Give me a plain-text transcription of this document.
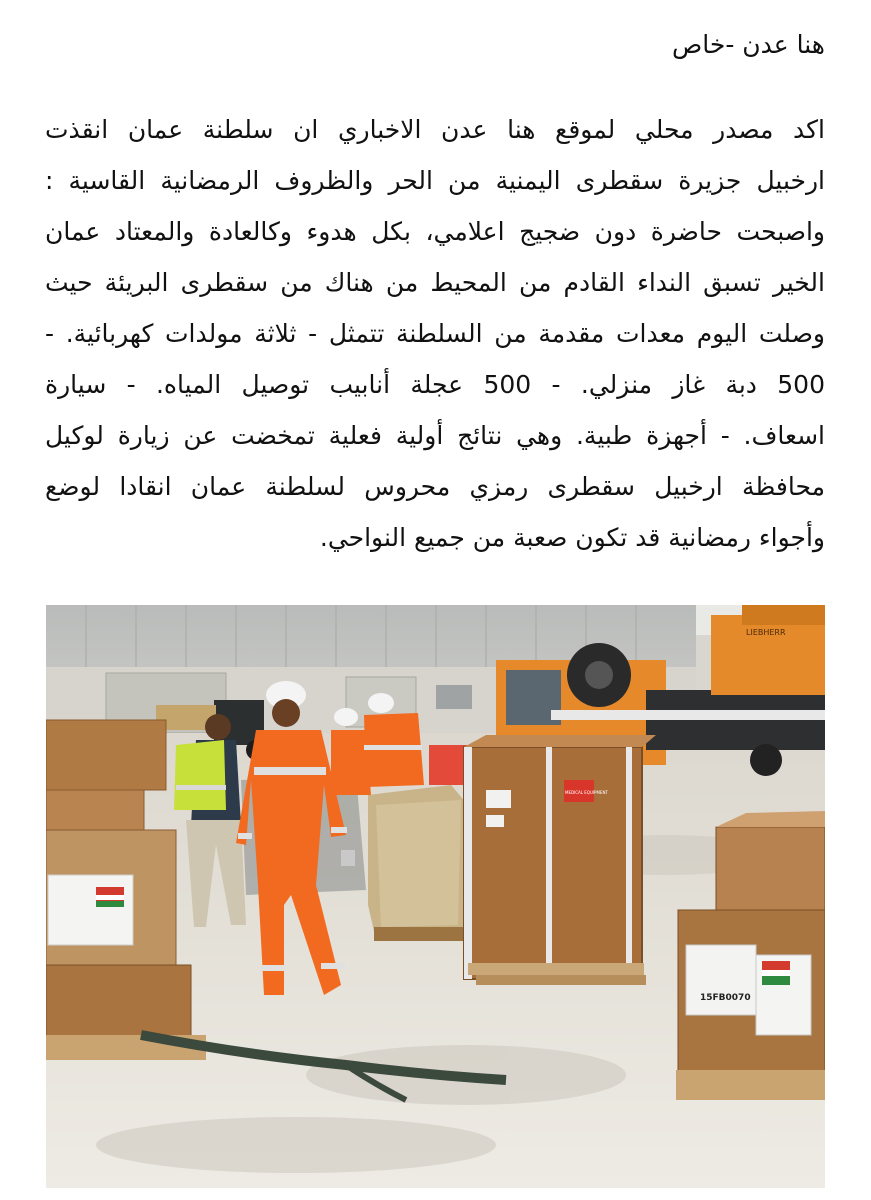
هنا عدن -خاص
اكد مصدر محلي لموقع هنا عدن الاخباري ان سلطنة عمان انقذت
ارخبيل جزيرة سقطرى اليمنية من الحر والظروف الرمضانية القاسية :
واصبحت حاضرة دون ضجيج اعلامي، بكل هدوء وكالعادة والمعتاد عمان
الخير تسبق النداء القادم من المحيط من هناك من سقطرى البريئة حيث
وصلت اليوم معدات مقدمة من السلطنة تتمثل - ثلاثة مولدات كهربائية. -
500 دبة غاز منزلي. - 500 عجلة أنابيب توصيل المياه. - سيارة
اسعاف. - أجهزة طبية. وهي نتائج أولية فعلية تمخضت عن زيارة لوكيل
محافظة ارخبيل سقطرى رمزي محروس لسلطنة عمان انقادا لوضع
وأجواء رمضانية قد تكون صعبة من جميع النواحي.
LIEBHERR
MEDICAL EQUIPMENT
15FB0070
